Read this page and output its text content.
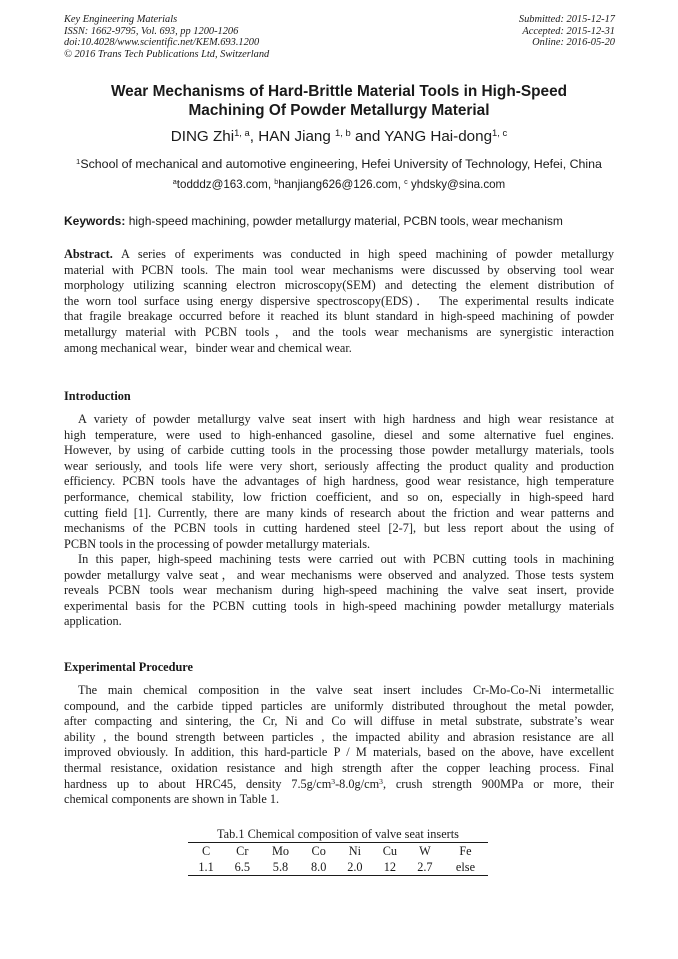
Key Engineering Materials
ISSN: 1662-9795, Vol. 693, pp 1200-1206
doi:10.4028/www.scientific.net/KEM.693.1200
© 2016 Trans Tech Publications Ltd, Switzerland
Submitted: 2015-12-17
Accepted: 2015-12-31
Online: 2016-05-20
Wear Mechanisms of Hard-Brittle Material Tools in High-Speed
Machining Of Powder Metallurgy Material
DING Zhi$^{1, a}$, HAN Jiang $^{1, b}$ and YANG Hai-dong$^{1, c}$
$^1$School of mechanical and automotive engineering, Hefei University of Technology, Hefei, China
$^a$todddz@163.com, $^b$hanjiang626@126.com, $^c$ yhdsky@sina.com
Keywords: high-speed machining, powder metallurgy material, PCBN tools, wear mechanism
Abstract. A series of experiments was conducted in high speed machining of powder metallurgy
material with PCBN tools. The main tool wear mechanisms were discussed by observing tool wear
morphology utilizing scanning electron microscopy(SEM) and detecting the element distribution of
the worn tool surface using energy dispersive spectroscopy(EDS)． The experimental results indicate
that fragile breakage occurred before it reached its blunt standard in high-speed machining of powder
metallurgy material with PCBN tools，and the tools wear mechanisms are synergistic interaction
among mechanical wear，binder wear and chemical wear.
Introduction
A variety of powder metallurgy valve seat insert with high hardness and high wear resistance at
high temperature, were used to high-enhanced gasoline, diesel and some alternative fuel engines.
However, by using of carbide cutting tools in the processing those powder metallurgy materials, tools
wear seriously, and tools life were very short, seriously affecting the product quality and production
efficiency. PCBN tools have the advantages of high hardness, good wear resistance, high temperature
performance, chemical stability, low friction coefficient, and so on, especially in high-speed hard
cutting field [1]. Currently, there are many kinds of research about the friction and wear patterns and
mechanisms of the PCBN tools in cutting hardened steel [2-7], but less report about the using of
PCBN tools in the processing of powder metallurgy materials.
In this paper, high-speed machining tests were carried out with PCBN cutting tools in machining
powder metallurgy valve seat，and wear mechanisms were observed and analyzed. Those tests system
reveals PCBN tools wear mechanism during high-speed machining the valve seat insert, provide
experimental basis for the PCBN cutting tools in high-speed machining powder metallurgy materials
application.
Experimental Procedure
The main chemical composition in the valve seat insert includes Cr-Mo-Co-Ni intermetallic
compound, and the carbide tipped particles are uniformly distributed throughout the metal powder,
after compacting and sintering, the Cr, Ni and Co will diffuse in metal substrate, substrate’s wear
ability , the bound strength between particles , the impacted ability and abrasion resistance are all
improved obviously. In addition, this hard-particle P / M materials, based on the above, have excellent
thermal resistance, oxidation resistance and high strength after the copper leaching process. Final
hardness up to about HRC45, density $7.5g/cm^3-8.0g/cm^3$, crush strength 900MPa or more, their
chemical components are shown in Table 1.
Tab.1 Chemical composition of valve seat inserts
C	Cr	Mo	Co	Ni	Cu	W	Fe
1.1	6.5	5.8	8.0	2.0	12	2.7	else
